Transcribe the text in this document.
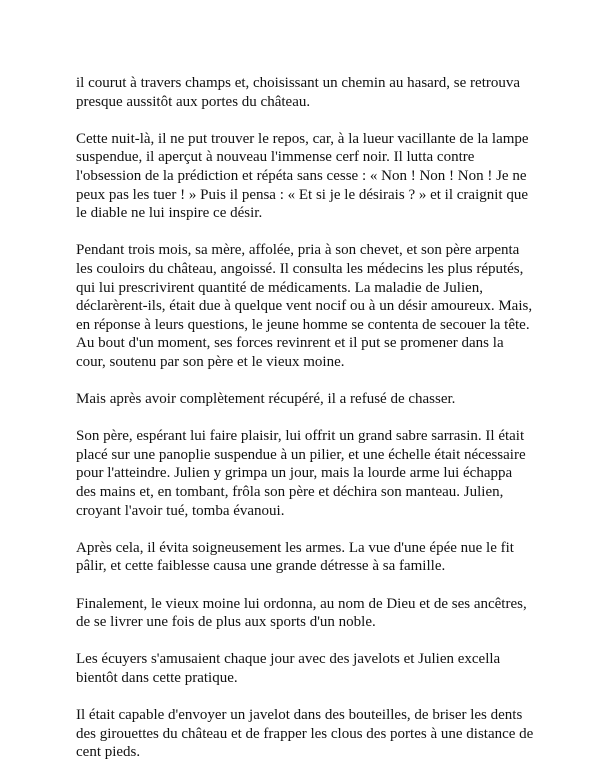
il courut à travers champs et, choisissant un chemin au hasard, se retrouva
presque aussitôt aux portes du château.

Cette nuit-là, il ne put trouver le repos, car, à la lueur vacillante de la lampe
suspendue, il aperçut à nouveau l'immense cerf noir. Il lutta contre
l'obsession de la prédiction et répéta sans cesse : « Non ! Non ! Non ! Je ne
peux pas les tuer ! » Puis il pensa : « Et si je le désirais ? » et il craignit que
le diable ne lui inspire ce désir.

Pendant trois mois, sa mère, affolée, pria à son chevet, et son père arpenta
les couloirs du château, angoissé. Il consulta les médecins les plus réputés,
qui lui prescrivirent quantité de médicaments. La maladie de Julien,
déclarèrent-ils, était due à quelque vent nocif ou à un désir amoureux. Mais,
en réponse à leurs questions, le jeune homme se contenta de secouer la tête.
Au bout d'un moment, ses forces revinrent et il put se promener dans la
cour, soutenu par son père et le vieux moine.

Mais après avoir complètement récupéré, il a refusé de chasser.

Son père, espérant lui faire plaisir, lui offrit un grand sabre sarrasin. Il était
placé sur une panoplie suspendue à un pilier, et une échelle était nécessaire
pour l'atteindre. Julien y grimpa un jour, mais la lourde arme lui échappa
des mains et, en tombant, frôla son père et déchira son manteau. Julien,
croyant l'avoir tué, tomba évanoui.

Après cela, il évita soigneusement les armes. La vue d'une épée nue le fit
pâlir, et cette faiblesse causa une grande détresse à sa famille.

Finalement, le vieux moine lui ordonna, au nom de Dieu et de ses ancêtres,
de se livrer une fois de plus aux sports d'un noble.

Les écuyers s'amusaient chaque jour avec des javelots et Julien excella
bientôt dans cette pratique.

Il était capable d'envoyer un javelot dans des bouteilles, de briser les dents
des girouettes du château et de frapper les clous des portes à une distance de
cent pieds.
